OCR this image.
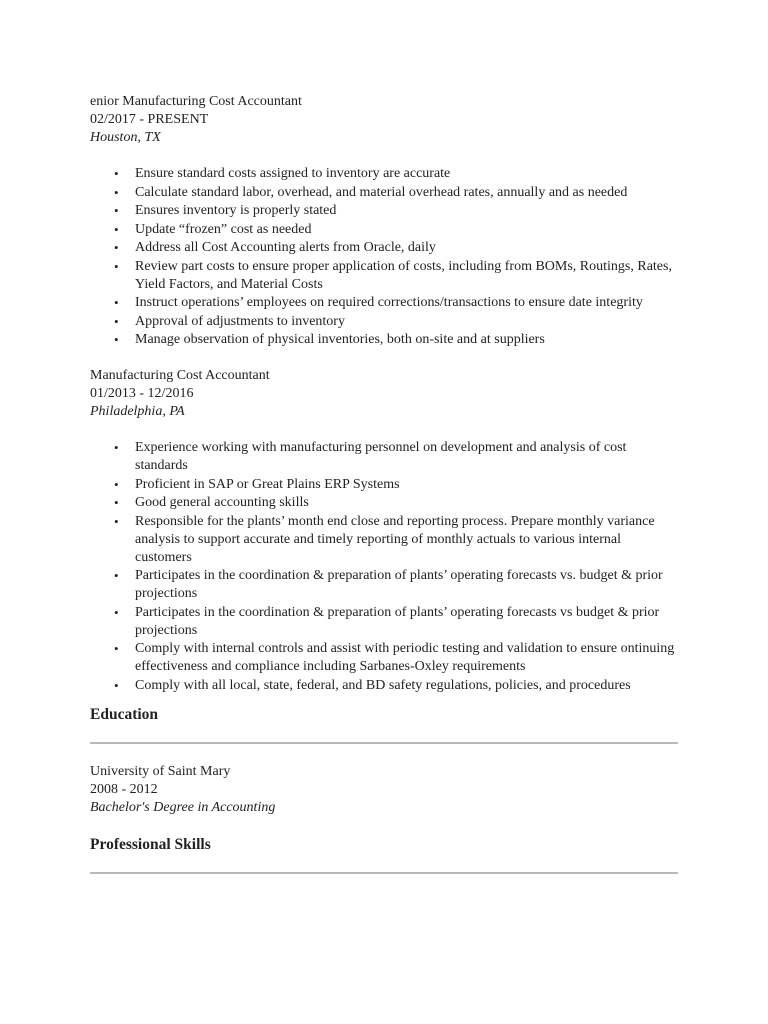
enior Manufacturing Cost Accountant
02/2017 - PRESENT
Houston, TX
• Ensure standard costs assigned to inventory are accurate
• Calculate standard labor, overhead, and material overhead rates, annually and as needed
• Ensures inventory is properly stated
• Update “frozen” cost as needed
• Address all Cost Accounting alerts from Oracle, daily
• Review part costs to ensure proper application of costs, including from BOMs, Routings, Rates, Yield Factors, and Material Costs
• Instruct operations’ employees on required corrections/transactions to ensure date integrity
• Approval of adjustments to inventory
• Manage observation of physical inventories, both on-site and at suppliers
Manufacturing Cost Accountant
01/2013 - 12/2016
Philadelphia, PA
• Experience working with manufacturing personnel on development and analysis of cost standards
• Proficient in SAP or Great Plains ERP Systems
• Good general accounting skills
• Responsible for the plants’ month end close and reporting process. Prepare monthly variance analysis to support accurate and timely reporting of monthly actuals to various internal customers
• Participates in the coordination & preparation of plants’ operating forecasts vs. budget & prior projections
• Participates in the coordination & preparation of plants’ operating forecasts vs budget & prior projections
• Comply with internal controls and assist with periodic testing and validation to ensure ontinuing effectiveness and compliance including Sarbanes-Oxley requirements
• Comply with all local, state, federal, and BD safety regulations, policies, and procedures
Education
University of Saint Mary
2008 - 2012
Bachelor's Degree in Accounting
Professional Skills
